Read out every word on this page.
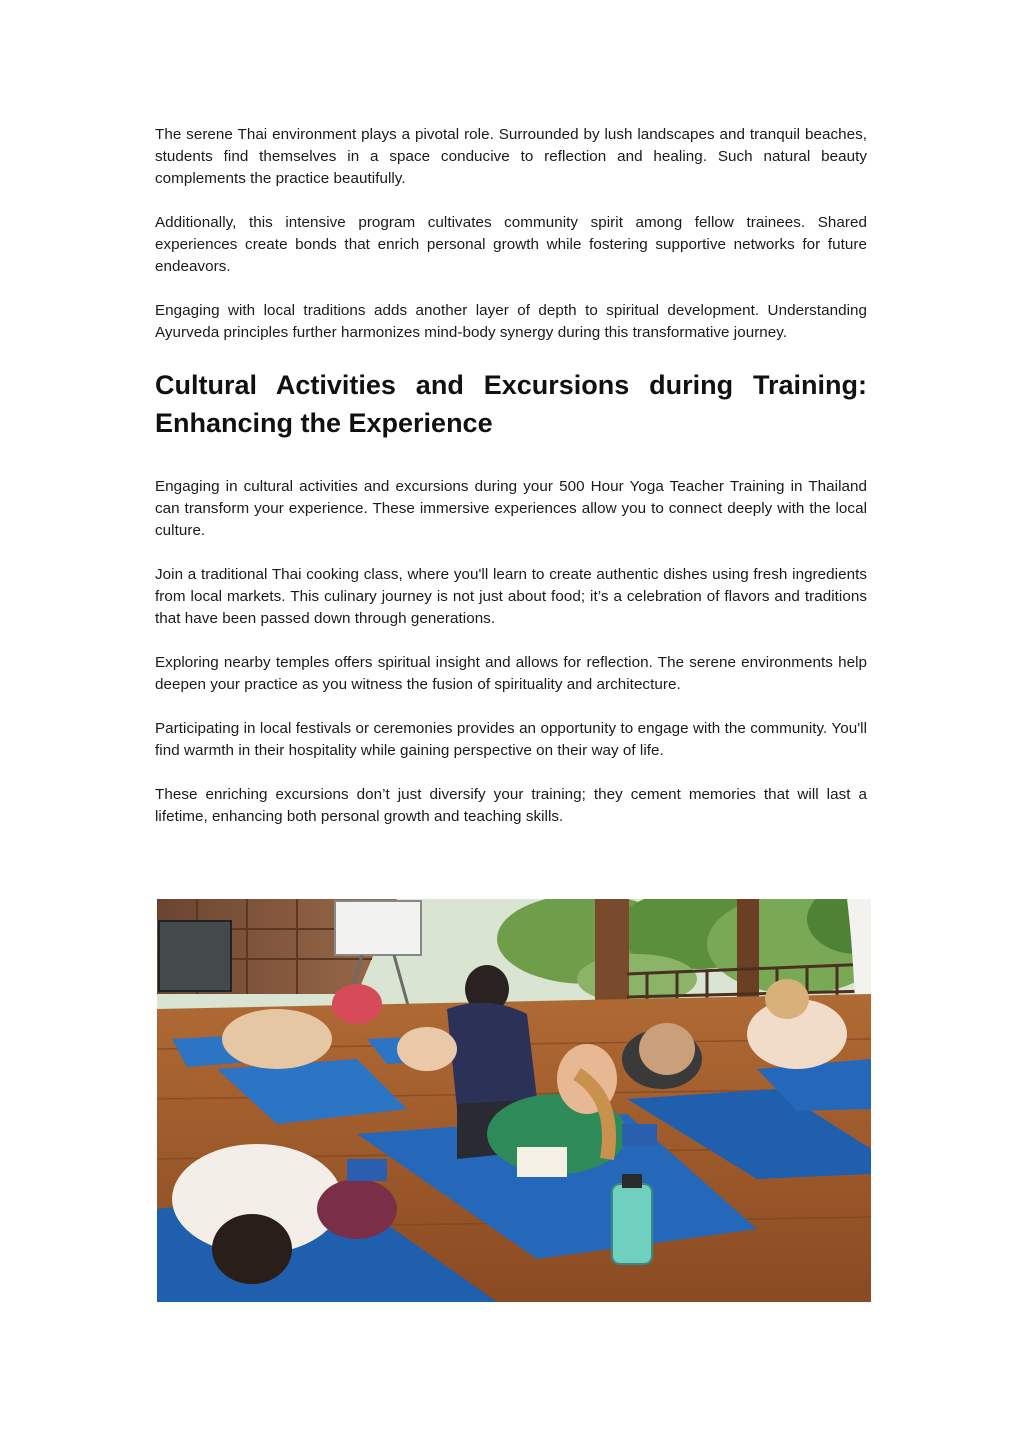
The serene Thai environment plays a pivotal role. Surrounded by lush landscapes and tranquil beaches, students find themselves in a space conducive to reflection and healing. Such natural beauty complements the practice beautifully.

Additionally, this intensive program cultivates community spirit among fellow trainees. Shared experiences create bonds that enrich personal growth while fostering supportive networks for future endeavors.

Engaging with local traditions adds another layer of depth to spiritual development. Understanding Ayurveda principles further harmonizes mind-body synergy during this transformative journey.

Cultural Activities and Excursions during Training: Enhancing the Experience

Engaging in cultural activities and excursions during your 500 Hour Yoga Teacher Training in Thailand can transform your experience. These immersive experiences allow you to connect deeply with the local culture.

Join a traditional Thai cooking class, where you'll learn to create authentic dishes using fresh ingredients from local markets. This culinary journey is not just about food; it’s a celebration of flavors and traditions that have been passed down through generations.

Exploring nearby temples offers spiritual insight and allows for reflection. The serene environments help deepen your practice as you witness the fusion of spirituality and architecture.

Participating in local festivals or ceremonies provides an opportunity to engage with the community. You'll find warmth in their hospitality while gaining perspective on their way of life.

These enriching excursions don’t just diversify your training; they cement memories that will last a lifetime, enhancing both personal growth and teaching skills.
